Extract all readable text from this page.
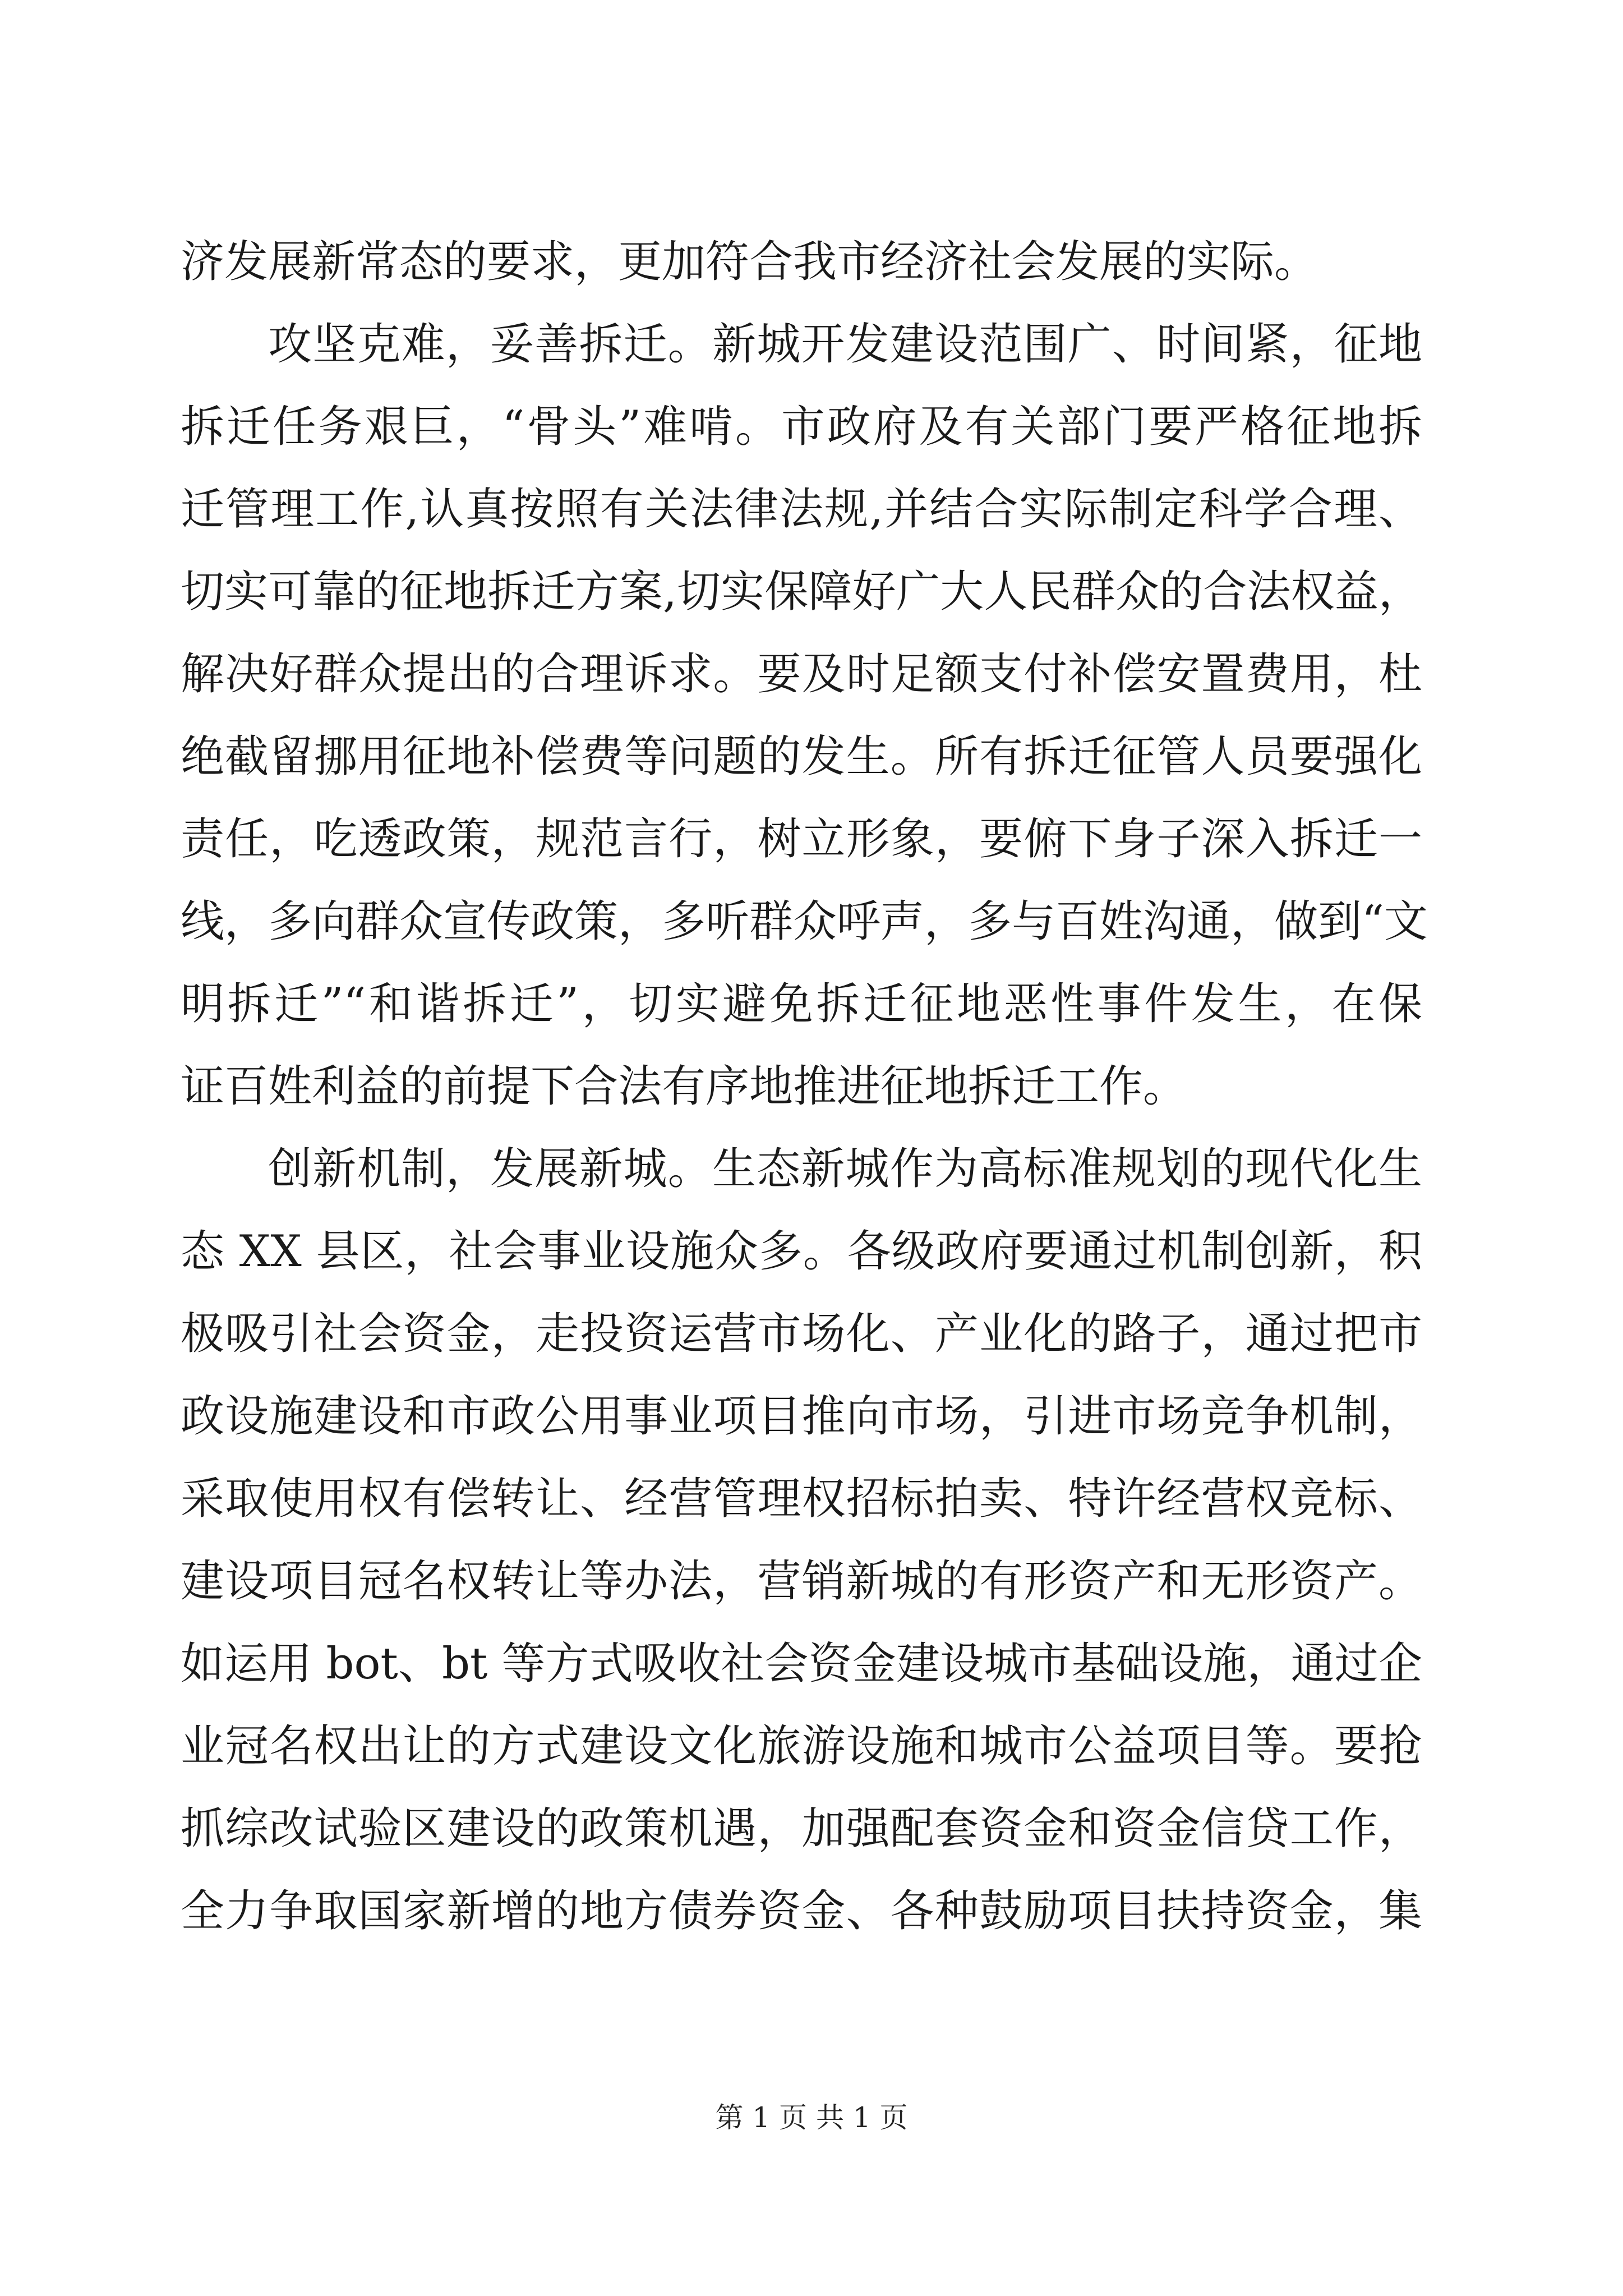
济发展新常态的要求，更加符合我市经济社会发展的实际。
攻坚克难，妥善拆迁。新城开发建设范围广、时间紧，征地
拆迁任务艰巨，“骨头”难啃。市政府及有关部门要严格征地拆
迁管理工作,认真按照有关法律法规,并结合实际制定科学合理、
切实可靠的征地拆迁方案,切实保障好广大人民群众的合法权益，
解决好群众提出的合理诉求。要及时足额支付补偿安置费用，杜
绝截留挪用征地补偿费等问题的发生。所有拆迁征管人员要强化
责任，吃透政策，规范言行，树立形象，要俯下身子深入拆迁一
线，多向群众宣传政策，多听群众呼声，多与百姓沟通，做到“文
明拆迁”“和谐拆迁”，切实避免拆迁征地恶性事件发生，在保
证百姓利益的前提下合法有序地推进征地拆迁工作。
创新机制，发展新城。生态新城作为高标准规划的现代化生
态 XX 县区，社会事业设施众多。各级政府要通过机制创新，积
极吸引社会资金，走投资运营市场化、产业化的路子，通过把市
政设施建设和市政公用事业项目推向市场，引进市场竞争机制，
采取使用权有偿转让、经营管理权招标拍卖、特许经营权竞标、
建设项目冠名权转让等办法，营销新城的有形资产和无形资产。
如运用 bot、bt 等方式吸收社会资金建设城市基础设施，通过企
业冠名权出让的方式建设文化旅游设施和城市公益项目等。要抢
抓综改试验区建设的政策机遇，加强配套资金和资金信贷工作，
全力争取国家新增的地方债券资金、各种鼓励项目扶持资金，集
第 1 页 共 1 页
